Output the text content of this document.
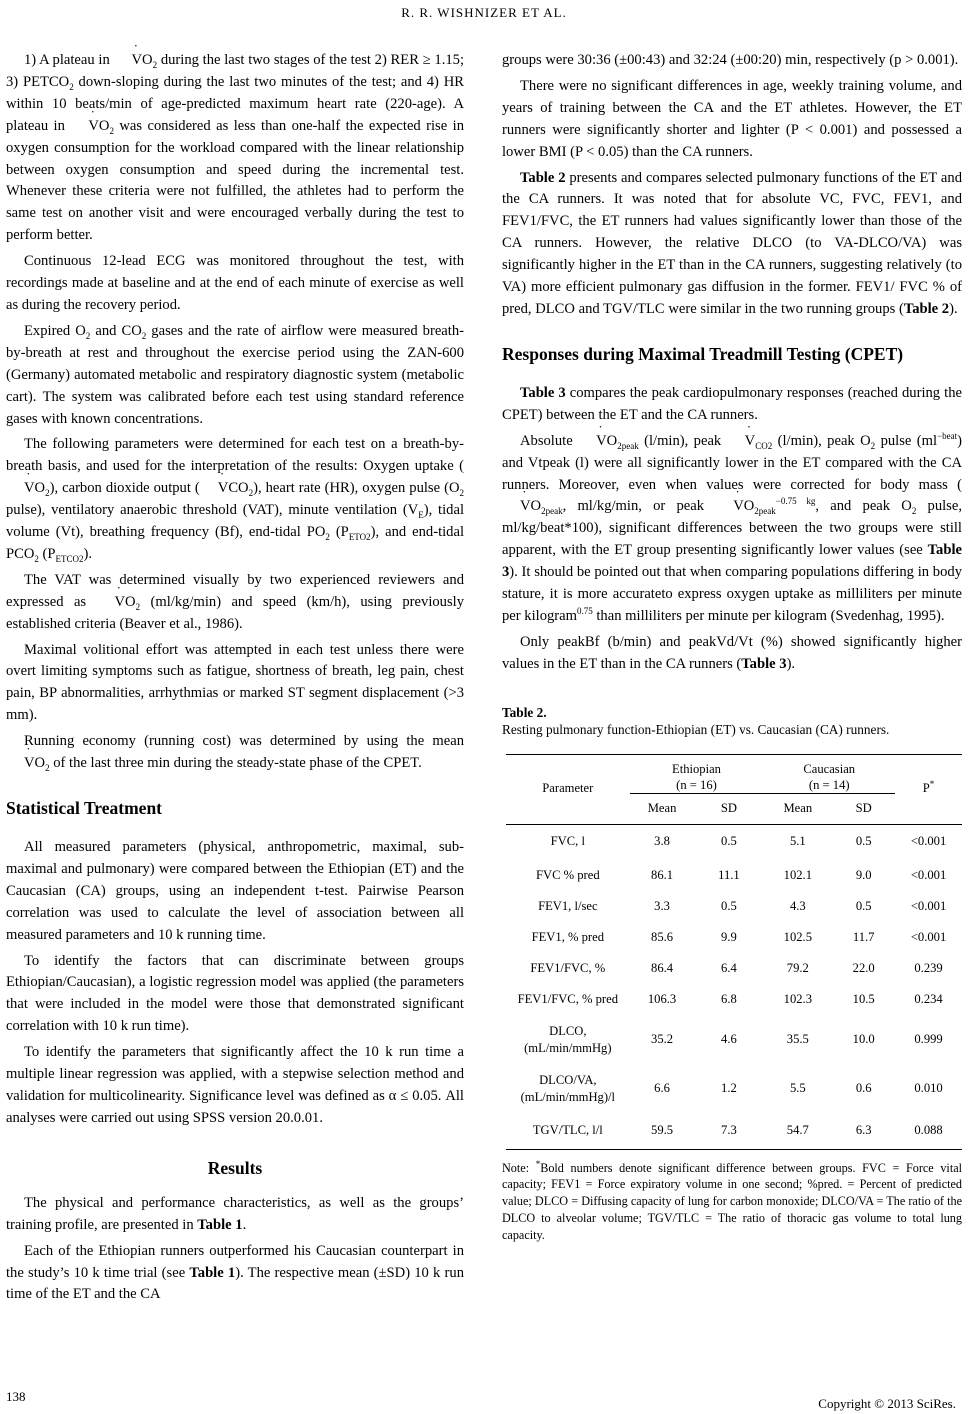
R. R. WISHNIZER ET AL.

1) A plateau in ˙ $VO_2$ during the last two stages of the test 2) RER ≥ 1.15; 3) $PETCO_2$ down-sloping during the last two minutes of the test; and 4) HR within 10 beats/min of age-predicted maximum heart rate (220-age). A plateau in ˙ $VO_2$ was considered as less than one-half the expected rise in oxygen consumption for the workload compared with the linear relationship between oxygen consumption and speed during the incremental test. Whenever these criteria were not fulfilled, the athletes had to perform the same test on another visit and were encouraged verbally during the test to perform better.

Continuous 12-lead ECG was monitored throughout the test, with recordings made at baseline and at the end of each minute of exercise as well as during the recovery period.

Expired $O_2$ and $CO_2$ gases and the rate of airflow were measured breath-by-breath at rest and throughout the exercise period using the ZAN-600 (Germany) automated metabolic and respiratory diagnostic system (metabolic cart). The system was calibrated before each test using standard reference gases with known concentrations.

The following parameters were determined for each test on a breath-by-breath basis, and used for the interpretation of the results: Oxygen uptake (˙ $VO_2$), carbon dioxide output ( ˙ $VCO_2$), heart rate (HR), oxygen pulse ($O_2$ pulse), ventilatory anaerobic threshold (VAT), minute ventilation $(V_E)$, tidal volume (Vt), breathing frequency (Bf), end-tidal $PO_2$ $(P_{ETO2})$, and end-tidal $PCO_2$ $(P_{ETCO2})$.

The VAT was determined visually by two experienced reviewers and expressed as ˙ $VO_2$ (ml/kg/min) and speed (km/h), using previously established criteria (Beaver et al., 1986).

Maximal volitional effort was attempted in each test unless there were overt limiting symptoms such as fatigue, shortness of breath, leg pain, chest pain, BP abnormalities, arrhythmias or marked ST segment displacement (>3 mm).

Running economy (running cost) was determined by using the mean ˙ $VO_2$ of the last three min during the steady-state phase of the CPET.

Statistical Treatment

All measured parameters (physical, anthropometric, maximal, sub-maximal and pulmonary) were compared between the Ethiopian (ET) and the Caucasian (CA) groups, using an independent t-test. Pairwise Pearson correlation was used to calculate the level of association between all measured parameters and 10 k running time.

To identify the factors that can discriminate between groups Ethiopian/Caucasian), a logistic regression model was applied (the parameters that were included in the model were those that demonstrated significant correlation with 10 k run time).

To identify the parameters that significantly affect the 10 k run time a multiple linear regression was applied, with a stepwise selection method and validation for multicolinearity. Significance level was defined as α ≤ 0.05. All analyses were carried out using SPSS version 20.0.01.

Results

The physical and performance characteristics, as well as the groups’ training profile, are presented in Table 1.

Each of the Ethiopian runners outperformed his Caucasian counterpart in the study’s 10 k time trial (see Table 1). The respective mean (±SD) 10 k run time of the ET and the CA

groups were 30:36 (±00:43) and 32:24 (±00:20) min, respectively (p > 0.001).

There were no significant differences in age, weekly training volume, and years of training between the CA and the ET athletes. However, the ET runners were significantly shorter and lighter (P < 0.001) and possessed a lower BMI (P < 0.05) than the CA runners.

Table 2 presents and compares selected pulmonary functions of the ET and the CA runners. It was noted that for absolute VC, FVC, FEV1, and FEV1/FVC, the ET runners had values significantly lower than those of the CA runners. However, the relative DLCO (to VA-DLCO/VA) was significantly higher in the ET than in the CA runners, suggesting relatively (to VA) more efficient pulmonary gas diffusion in the former. FEV1/ FVC % of pred, DLCO and TGV/TLC were similar in the two running groups (Table 2).

Responses during Maximal Treadmill Testing (CPET)

Table 3 compares the peak cardiopulmonary responses (reached during the CPET) between the ET and the CA runners.

Absolute ˙ $VO_{2peak}$ (l/min), peak ˙ $V_{CO2}$ (l/min), peak $O_2$ pulse $(ml^{-beat})$ and Vtpeak (l) were all significantly lower in the ET compared with the CA runners. Moreover, even when values were corrected for body mass (˙ $VO_{2peak}$, ml/kg/min, or peak ˙ $VO_{2peak}^{-0.75 kg}$, and peak $O_2$ pulse, ml/kg/beat*100), significant differences between the two groups were still apparent, with the ET group presenting significantly lower values (see Table 3). It should be pointed out that when comparing populations differing in body stature, it is more accurateto express oxygen uptake as milliliters per minute per kilogram$^{0.75}$ than milliliters per minute per kilogram (Svedenhag, 1995).

Only peakBf (b/min) and peakVd/Vt (%) showed significantly higher values in the ET than in the CA runners (Table 3).

Table 2.
Resting pulmonary function-Ethiopian (ET) vs. Caucasian (CA) runners.
Parameter	Ethiopian
(n = 16)		Caucasian
(n = 14)		P*
	Mean	SD	Mean	SD	
FVC, l	3.8	0.5	5.1	0.5	<0.001
FVC % pred	86.1	11.1	102.1	9.0	<0.001
FEV1, l/sec	3.3	0.5	4.3	0.5	<0.001
FEV1, % pred	85.6	9.9	102.5	11.7	<0.001
FEV1/FVC, %	86.4	6.4	79.2	22.0	0.239
FEV1/FVC, % pred	106.3	6.8	102.3	10.5	0.234
DLCO,
(mL/min/mmHg)	35.2	4.6	35.5	10.0	0.999
DLCO/VA,
(mL/min/mmHg)/l	6.6	1.2	5.5	0.6	0.010
TGV/TLC, l/l	59.5	7.3	54.7	6.3	0.088
Note: *Bold numbers denote significant difference between groups. FVC = Force vital capacity; FEV1 = Force expiratory volume in one second; %pred. = Percent of predicted value; DLCO = Diffusing capacity of lung for carbon monoxide; DLCO/VA = The ratio of the DLCO to alveolar volume; TGV/TLC = The ratio of thoracic gas volume to total lung capacity.
138	Copyright © 2013 SciRes.
